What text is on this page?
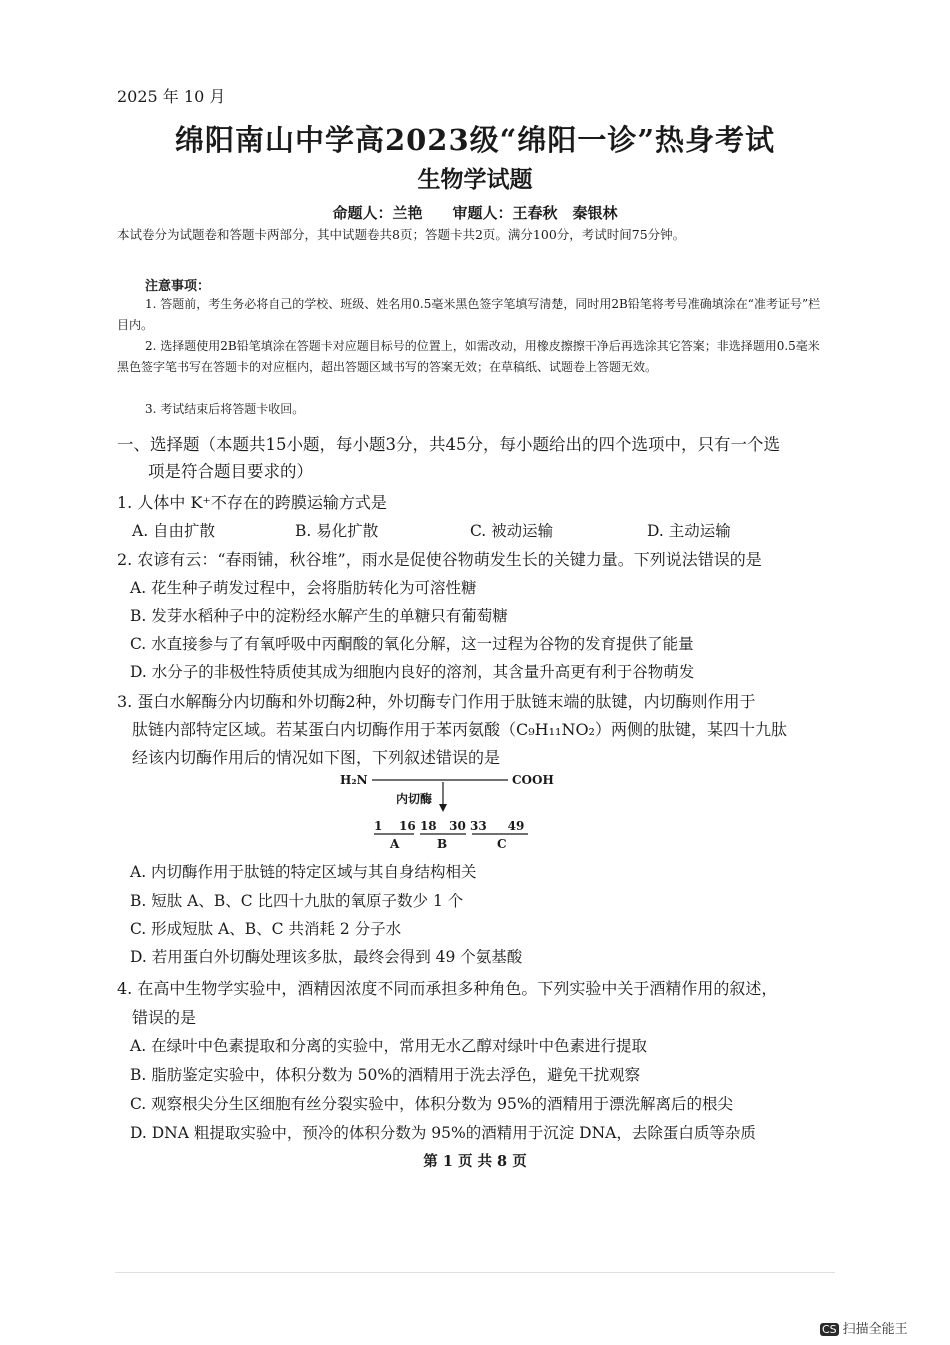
2025 年 10 月
绵阳南山中学高2023级“绵阳一诊”热身考试
生物学试题
命题人：兰艳　　审题人：王春秋　秦银林
本试卷分为试题卷和答题卡两部分，其中试题卷共8页；答题卡共2页。满分100分，考试时间75分钟。
注意事项：
1. 答题前，考生务必将自己的学校、班级、姓名用0.5毫米黑色签字笔填写清楚，同时用2B铅笔将考号准确填涂在“准考证号”栏目内。
2. 选择题使用2B铅笔填涂在答题卡对应题目标号的位置上，如需改动，用橡皮擦擦干净后再选涂其它答案；非选择题用0.5毫米黑色签字笔书写在答题卡的对应框内，超出答题区域书写的答案无效；在草稿纸、试题卷上答题无效。
3. 考试结束后将答题卡收回。
一、选择题（本题共15小题，每小题3分，共45分，每小题给出的四个选项中，只有一个选
项是符合题目要求的）
1. 人体中 K⁺不存在的跨膜运输方式是
A. 自由扩散	B. 易化扩散	C. 被动运输	D. 主动运输
2. 农谚有云：“春雨铺，秋谷堆”，雨水是促使谷物萌发生长的关键力量。下列说法错误的是
A. 花生种子萌发过程中，会将脂肪转化为可溶性糖
B. 发芽水稻种子中的淀粉经水解产生的单糖只有葡萄糖
C. 水直接参与了有氧呼吸中丙酮酸的氧化分解，这一过程为谷物的发育提供了能量
D. 水分子的非极性特质使其成为细胞内良好的溶剂，其含量升高更有利于谷物萌发
3. 蛋白水解酶分内切酶和外切酶2种，外切酶专门作用于肽链末端的肽键，内切酶则作用于
肽链内部特定区域。若某蛋白内切酶作用于苯丙氨酸（C₉H₁₁NO₂）两侧的肽键，某四十九肽
经该内切酶作用后的情况如下图，下列叙述错误的是
H₂N	COOH
内切酶
1    16 18   30 33     49
A	B	C
A. 内切酶作用于肽链的特定区域与其自身结构相关
B. 短肽 A、B、C 比四十九肽的氧原子数少 1 个
C. 形成短肽 A、B、C 共消耗 2 分子水
D. 若用蛋白外切酶处理该多肽，最终会得到 49 个氨基酸
4. 在高中生物学实验中，酒精因浓度不同而承担多种角色。下列实验中关于酒精作用的叙述，
错误的是
A. 在绿叶中色素提取和分离的实验中，常用无水乙醇对绿叶中色素进行提取
B. 脂肪鉴定实验中，体积分数为 50%的酒精用于洗去浮色，避免干扰观察
C. 观察根尖分生区细胞有丝分裂实验中，体积分数为 95%的酒精用于漂洗解离后的根尖
D. DNA 粗提取实验中，预冷的体积分数为 95%的酒精用于沉淀 DNA，去除蛋白质等杂质
第 1 页 共 8 页
CS 扫描全能王
